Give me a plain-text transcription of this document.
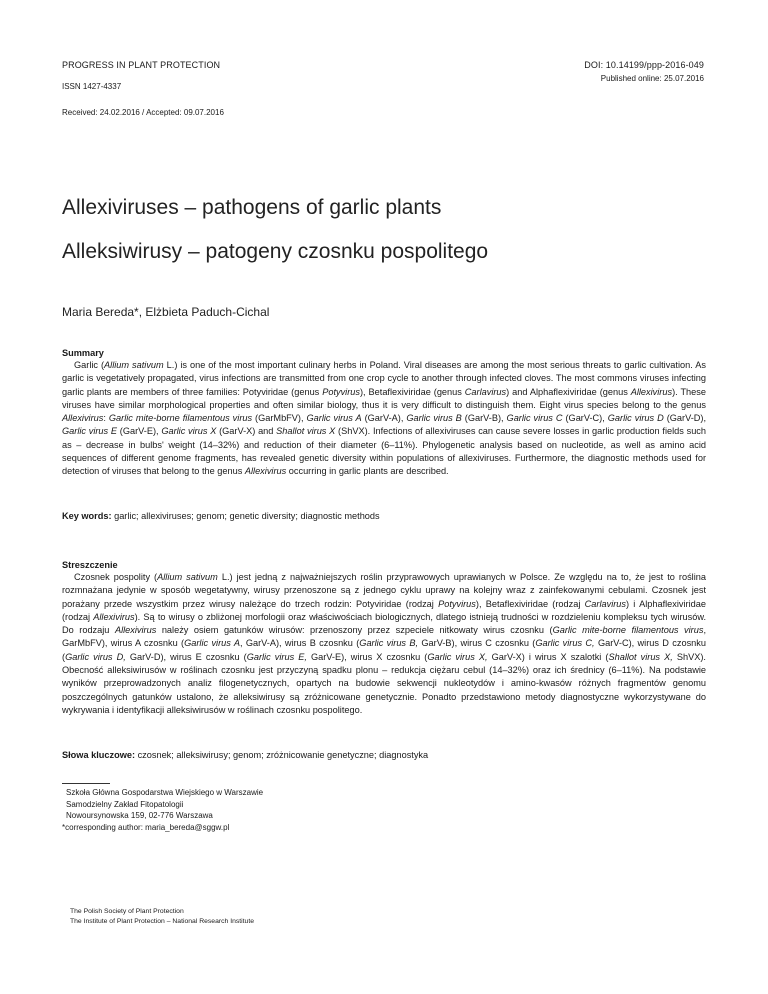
PROGRESS IN PLANT PROTECTION
ISSN 1427-4337
Received: 24.02.2016 / Accepted: 09.07.2016
DOI: 10.14199/ppp-2016-049
Published online: 25.07.2016
Allexiviruses – pathogens of garlic plants
Alleksiwirusy – patogeny czosnku pospolitego
Maria Bereda*, Elżbieta Paduch-Cichal
Summary

Garlic (Allium sativum L.) is one of the most important culinary herbs in Poland. Viral diseases are among the most serious threats to garlic cultivation. As garlic is vegetatively propagated, virus infections are transmitted from one crop cycle to another through infected cloves. The most commons viruses infecting garlic plants are members of three families: Potyviridae (genus Potyvirus), Betaflexiviridae (genus Carlavirus) and Alphaflexiviridae (genus Allexivirus). These viruses have similar morphological properties and often similar biology, thus it is very difficult to distinguish them. Eight virus species belong to the genus Allexivirus: Garlic mite-borne filamentous virus (GarMbFV), Garlic virus A (GarV-A), Garlic virus B (GarV-B), Garlic virus C (GarV-C), Garlic virus D (GarV-D), Garlic virus E (GarV-E), Garlic virus X (GarV-X) and Shallot virus X (ShVX). Infections of allexiviruses can cause severe losses in garlic production fields such as – decrease in bulbs' weight (14–32%) and reduction of their diameter (6–11%). Phylogenetic analysis based on nucleotide, as well as amino acid sequences of different genome fragments, has revealed genetic diversity within populations of allexiviruses. Furthermore, the diagnostic methods used for detection of viruses that belong to the genus Allexivirus occurring in garlic plants are described.

Key words: garlic; allexiviruses; genom; genetic diversity; diagnostic methods
Streszczenie

Czosnek pospolity (Allium sativum L.) jest jedną z najważniejszych roślin przyprawowych uprawianych w Polsce. Ze względu na to, że jest to roślina rozmnażana jedynie w sposób wegetatywny, wirusy przenoszone są z jednego cyklu uprawy na kolejny wraz z zainfekowanymi cebulami. Czosnek jest porażany przede wszystkim przez wirusy należące do trzech rodzin: Potyviridae (rodzaj Potyvirus), Betaflexiviridae (rodzaj Carlavirus) i Alphaflexiviridae (rodzaj Allexivirus). Są to wirusy o zbliżonej morfologii oraz właściwościach biologicznych, dlatego istnieją trudności w rozdzieleniu kompleksu tych wirusów. Do rodzaju Allexivirus należy osiem gatunków wirusów: przenoszony przez szpeciele nitkowaty wirus czosnku (Garlic mite-borne filamentous virus, GarMbFV), wirus A czosnku (Garlic virus A, GarV-A), wirus B czosnku (Garlic virus B, GarV-B), wirus C czosnku (Garlic virus C, GarV-C), wirus D czosnku (Garlic virus D, GarV-D), wirus E czosnku (Garlic virus E, GarV-E), wirus X czosnku (Garlic virus X, GarV-X) i wirus X szalotki (Shallot virus X, ShVX). Obecność alleksiwirusów w roślinach czosnku jest przyczyną spadku plonu – redukcja ciężaru cebul (14–32%) oraz ich średnicy (6–11%). Na podstawie wyników przeprowadzonych analiz filogenetycznych, opartych na budowie sekwencji nukleotydów i amino-kwasów różnych fragmentów genomu poszczególnych gatunków ustalono, że alleksiwirusy są zróżnicowane genetycznie. Ponadto przedstawiono metody diagnostyczne wykorzystywane do wykrywania i identyfikacji alleksiwirusów w roślinach czosnku pospolitego.

Słowa kluczowe: czosnek; alleksiwirusy; genom; zróżnicowanie genetyczne; diagnostyka
Szkoła Główna Gospodarstwa Wiejskiego w Warszawie
Samodzielny Zakład Fitopatologii
Nowoursynowska 159, 02-776 Warszawa
*corresponding author: maria_bereda@sggw.pl
The Polish Society of Plant Protection
The Institute of Plant Protection – National Research Institute
